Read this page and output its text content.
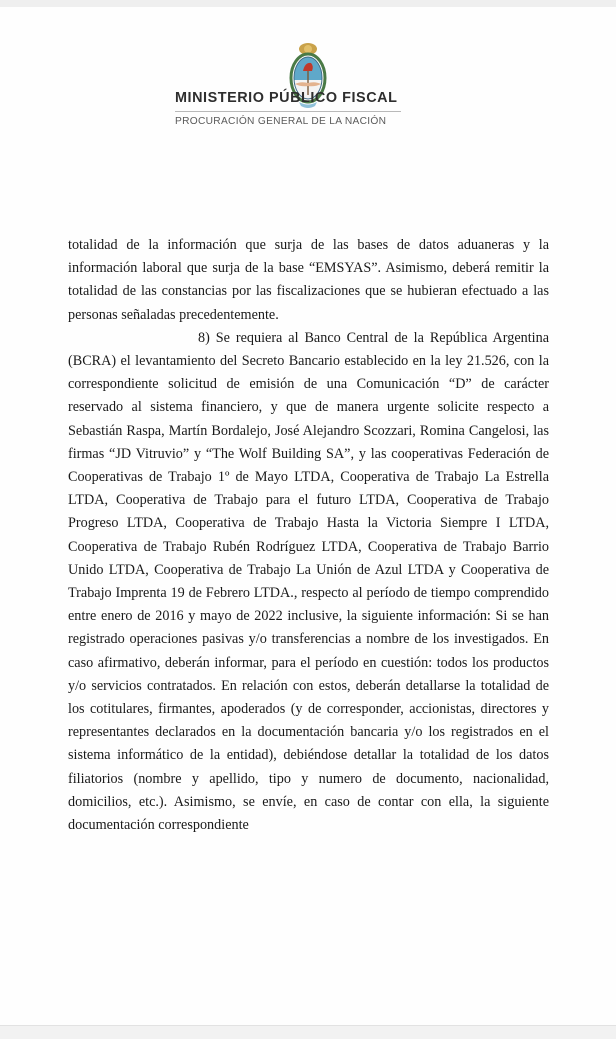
MINISTERIO PÚBLICO FISCAL
PROCURACIÓN GENERAL DE LA NACIÓN

totalidad de la información que surja de las bases de datos aduaneras y la información laboral que surja de la base “EMSYAS”. Asimismo, deberá remitir la totalidad de las constancias por las fiscalizaciones que se hubieran efectuado a las personas señaladas precedentemente.

8) Se requiera al Banco Central de la República Argentina (BCRA) el levantamiento del Secreto Bancario establecido en la ley 21.526, con la correspondiente solicitud de emisión de una Comunicación “D” de carácter reservado al sistema financiero, y que de manera urgente solicite respecto a Sebastián Raspa, Martín Bordalejo, José Alejandro Scozzari, Romina Cangelosi, las firmas “JD Vitruvio” y “The Wolf Building SA”, y las cooperativas Federación de Cooperativas de Trabajo 1º de Mayo LTDA, Cooperativa de Trabajo La Estrella LTDA, Cooperativa de Trabajo para el futuro LTDA, Cooperativa de Trabajo Progreso LTDA, Cooperativa de Trabajo Hasta la Victoria Siempre I LTDA, Cooperativa de Trabajo Rubén Rodríguez LTDA, Cooperativa de Trabajo Barrio Unido LTDA, Cooperativa de Trabajo La Unión de Azul LTDA y Cooperativa de Trabajo Imprenta 19 de Febrero LTDA., respecto al período de tiempo comprendido entre enero de 2016 y mayo de 2022 inclusive, la siguiente información: Si se han registrado operaciones pasivas y/o transferencias a nombre de los investigados. En caso afirmativo, deberán informar, para el período en cuestión: todos los productos y/o servicios contratados. En relación con estos, deberán detallarse la totalidad de los cotitulares, firmantes, apoderados (y de corresponder, accionistas, directores y representantes declarados en la documentación bancaria y/o los registrados en el sistema informático de la entidad), debiéndose detallar la totalidad de los datos filiatorios (nombre y apellido, tipo y numero de documento, nacionalidad, domicilios, etc.). Asimismo, se envíe, en caso de contar con ella, la siguiente documentación correspondiente
